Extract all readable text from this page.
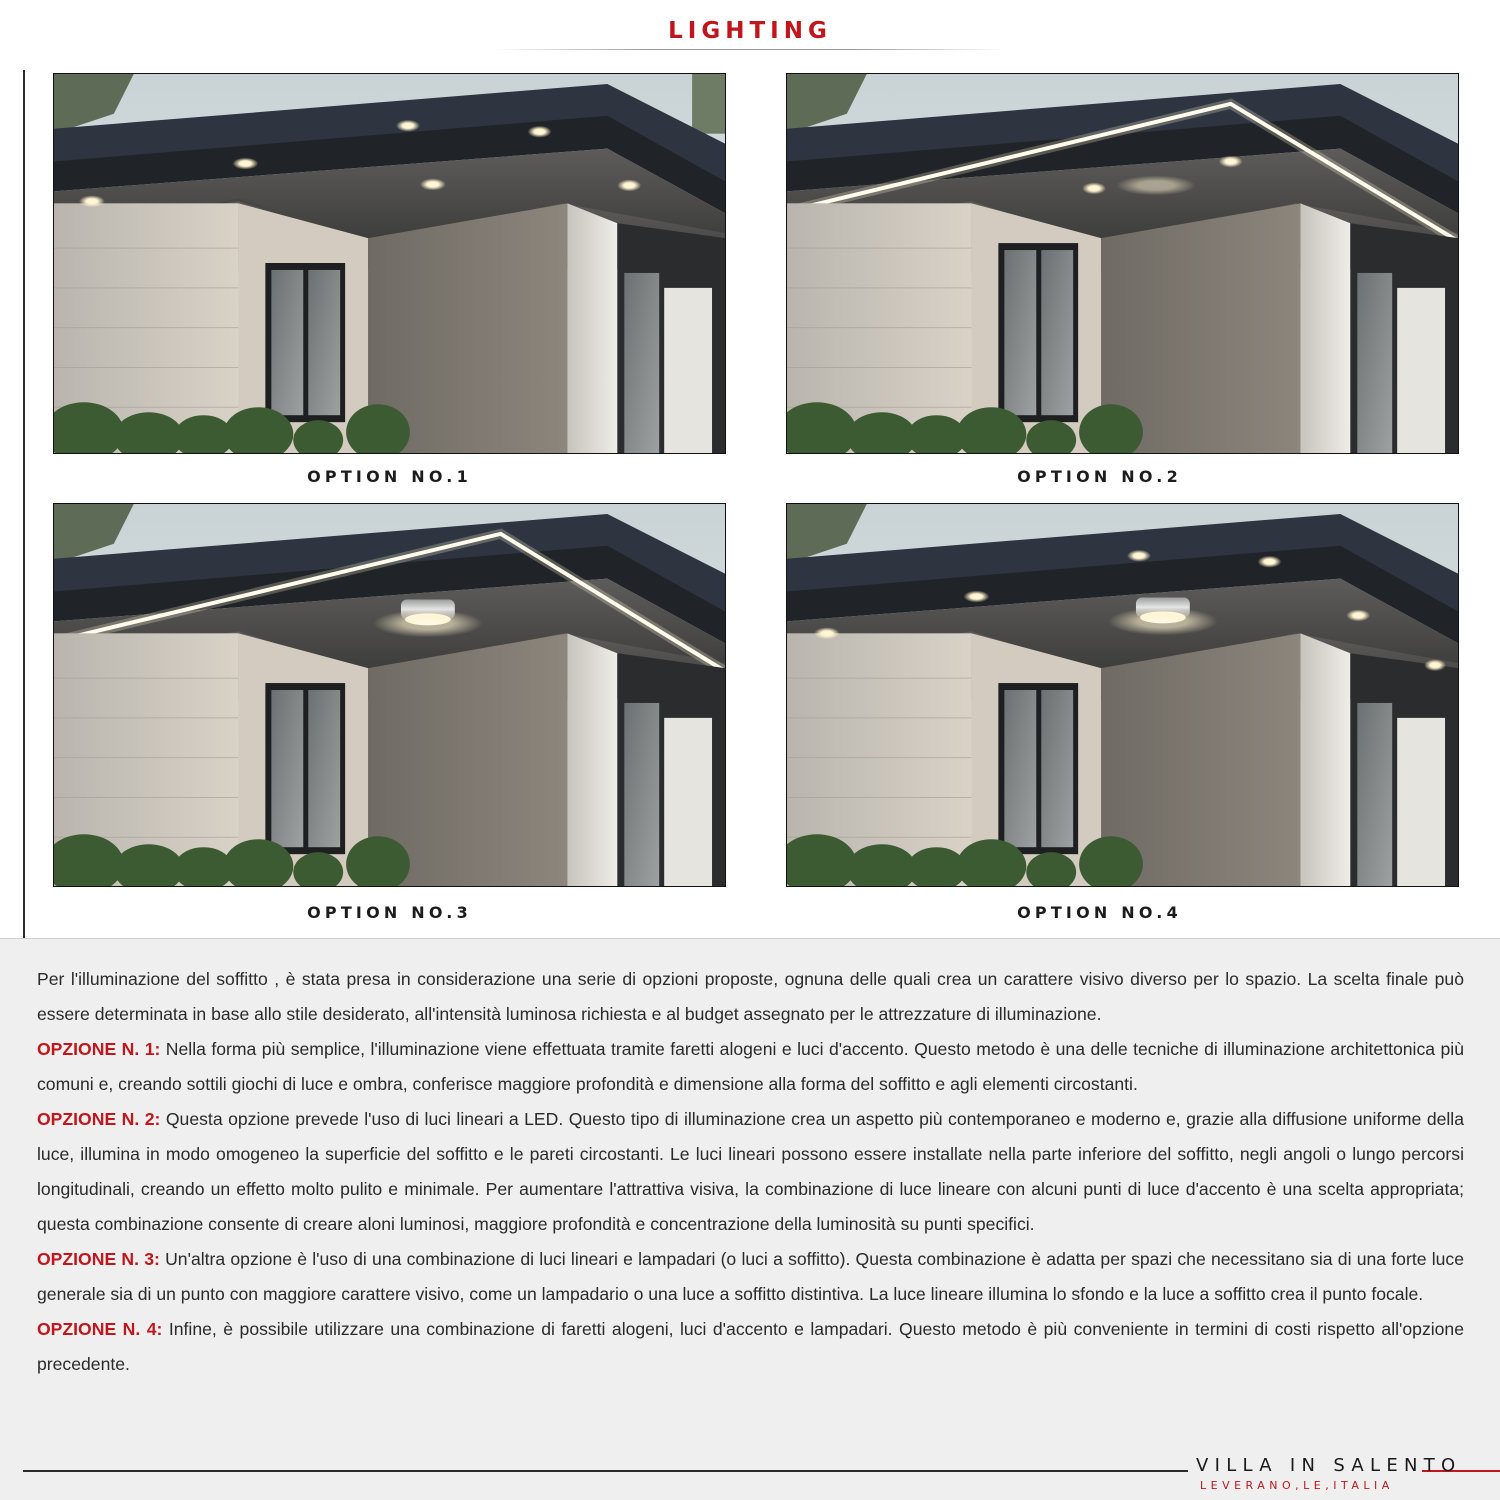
LIGHTING
OPTION NO.1	OPTION NO.2
OPTION NO.3	OPTION NO.4

Per l'illuminazione del soffitto , è stata presa in considerazione una serie di opzioni proposte, ognuna delle quali crea un carattere visivo diverso per lo spazio. La scelta finale può essere determinata in base allo stile desiderato, all'intensità luminosa richiesta e al budget assegnato per le attrezzature di illuminazione.

OPZIONE N. 1: Nella forma più semplice, l'illuminazione viene effettuata tramite faretti alogeni e luci d'accento. Questo metodo è una delle tecniche di illuminazione architettonica più comuni e, creando sottili giochi di luce e ombra, conferisce maggiore profondità e dimensione alla forma del soffitto e agli elementi circostanti.

OPZIONE N. 2: Questa opzione prevede l'uso di luci lineari a LED. Questo tipo di illuminazione crea un aspetto più contemporaneo e moderno e, grazie alla diffusione uniforme della luce, illumina in modo omogeneo la superficie del soffitto e le pareti circostanti. Le luci lineari possono essere installate nella parte inferiore del soffitto, negli angoli o lungo percorsi longitudinali, creando un effetto molto pulito e minimale. Per aumentare l'attrattiva visiva, la combinazione di luce lineare con alcuni punti di luce d'accento è una scelta appropriata; questa combinazione consente di creare aloni luminosi, maggiore profondità e concentrazione della luminosità su punti specifici.

OPZIONE N. 3: Un'altra opzione è l'uso di una combinazione di luci lineari e lampadari (o luci a soffitto). Questa combinazione è adatta per spazi che necessitano sia di una forte luce generale sia di un punto con maggiore carattere visivo, come un lampadario o una luce a soffitto distintiva. La luce lineare illumina lo sfondo e la luce a soffitto crea il punto focale.

OPZIONE N. 4: Infine, è possibile utilizzare una combinazione di faretti alogeni, luci d'accento e lampadari. Questo metodo è più conveniente in termini di costi rispetto all'opzione precedente.

VILLA IN SALENTO
LEVERANO,LE,ITALIA
